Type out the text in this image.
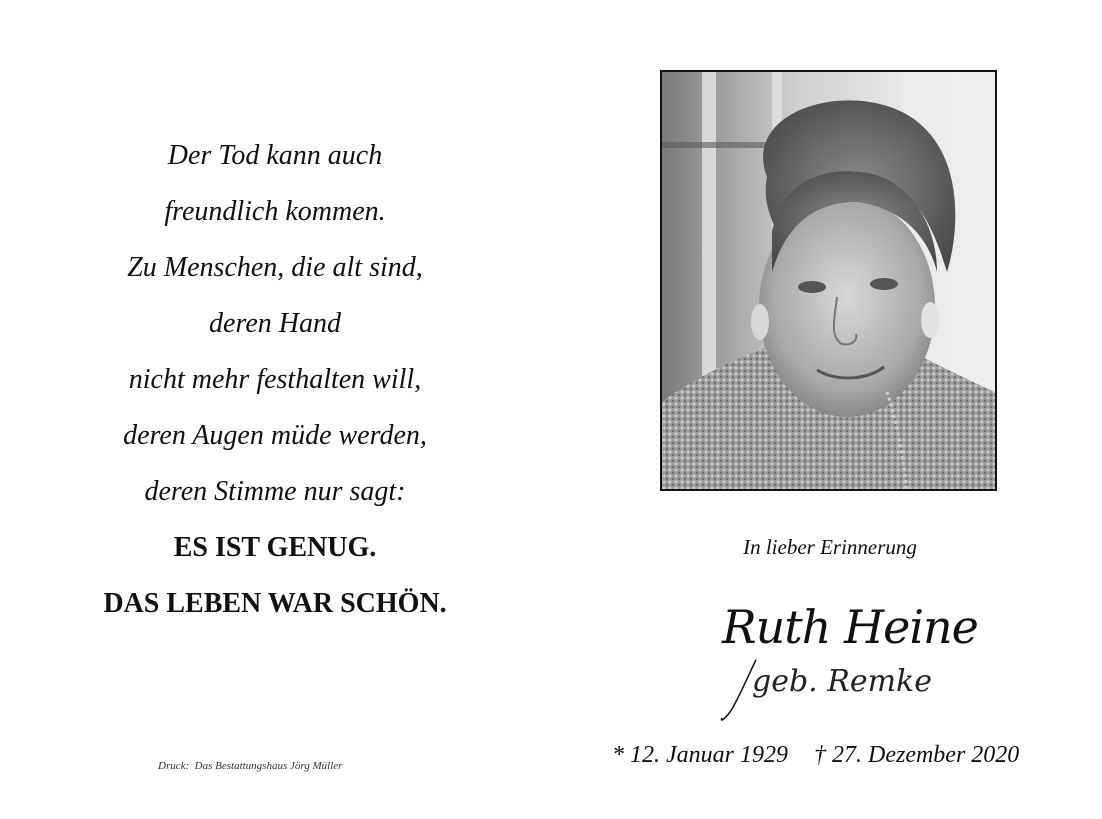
Der Tod kann auch
freundlich kommen.
Zu Menschen, die alt sind,
deren Hand
nicht mehr festhalten will,
deren Augen müde werden,
deren Stimme nur sagt:
ES IST GENUG.
DAS LEBEN WAR SCHÖN.
Druck:  Das Bestattungshaus Jörg Müller
In lieber Erinnerung
Ruth Heine
geb. Remke
* 12. Januar 1929 † 27. Dezember 2020
